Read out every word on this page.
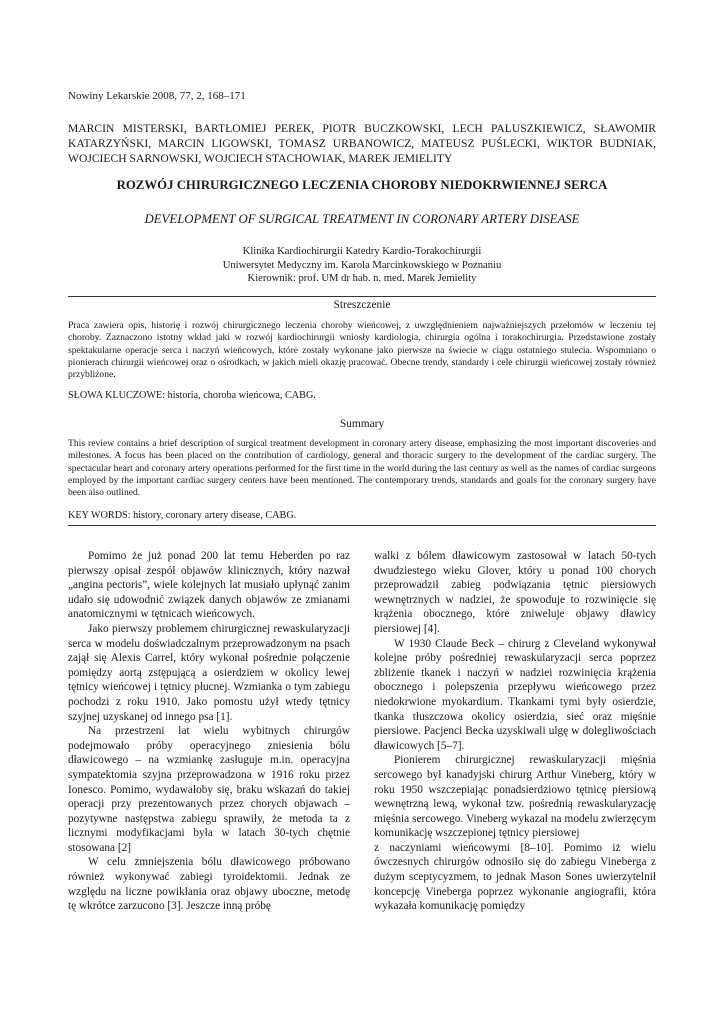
Nowiny Lekarskie 2008, 77, 2, 168–171
MARCIN MISTERSKI, BARTŁOMIEJ PEREK, PIOTR BUCZKOWSKI, LECH PALUSZKIEWICZ, SŁAWOMIR KATARZYŃSKI, MARCIN LIGOWSKI, TOMASZ URBANOWICZ, MATEUSZ PUŚLECKI, WIKTOR BUDNIAK, WOJCIECH SARNOWSKI, WOJCIECH STACHOWIAK, MAREK JEMIELITY
ROZWÓJ CHIRURGICZNEGO LECZENIA CHOROBY NIEDOKRWIENNEJ SERCA
DEVELOPMENT OF SURGICAL TREATMENT IN CORONARY ARTERY DISEASE
Klinika Kardiochirurgii Katedry Kardio-Torakochirurgii
Uniwersytet Medyczny im. Karola Marcinkowskiego w Poznaniu
Kierownik: prof. UM dr hab. n. med. Marek Jemielity
Streszczenie

Praca zawiera opis, historię i rozwój chirurgicznego leczenia choroby wieńcowej, z uwzględnieniem najważniejszych przełomów w leczeniu tej choroby. Zaznaczono istotny wkład jaki w rozwój kardiochirurgii wniosły kardiologia, chirurgia ogólna i torakochirurgia. Przedstawione zostały spektakularne operacje serca i naczyń wieńcowych, które zostały wykonane jako pierwsze na świecie w ciągu ostatniego stulecia. Wspomniano o pionierach chirurgii wieńcowej oraz o ośrodkach, w jakich mieli okazję pracować. Obecne trendy, standardy i cele chirurgii wieńcowej zostały również przybliżone.

SŁOWA KLUCZOWE: historia, choroba wieńcowa, CABG.
Summary

This review contains a brief description of surgical treatment development in coronary artery disease, emphasizing the most important discoveries and milestones. A focus has been placed on the contribution of cardiology, general and thoracic surgery to the development of the cardiac surgery. The spectacular heart and coronary artery operations performed for the first time in the world during the last century as well as the names of cardiac surgeons employed by the important cardiac surgery centers have been mentioned. The contemporary trends, standards and goals for the coronary surgery have been also outlined.

KEY WORDS: history, coronary artery disease, CABG.

Pomimo że już ponad 200 lat temu Heberden po raz pierwszy opisał zespół objawów klinicznych, który nazwał „angina pectoris”, wiele kolejnych lat musiało upłynąć zanim udało się udowodnić związek danych objawów ze zmianami anatomicznymi w tętnicach wieńcowych.

Jako pierwszy problemem chirurgicznej rewaskularyzacji serca w modelu doświadczalnym przeprowadzonym na psach zajął się Alexis Carrel, który wykonał pośrednie połączenie pomiędzy aortą zstępującą a osierdziem w okolicy lewej tętnicy wieńcowej i tętnicy płucnej. Wzmianka o tym zabiegu pochodzi z roku 1910. Jako pomostu użył wtedy tętnicy szyjnej uzyskanej od innego psa [1].

Na przestrzeni lat wielu wybitnych chirurgów podejmowało próby operacyjnego zniesienia bólu dławicowego – na wzmiankę zasługuje m.in. operacyjna sympatektomia szyjna przeprowadzona w 1916 roku przez Ionesco. Pomimo, wydawałoby się, braku wskazań do takiej operacji przy prezentowanych przez chorych objawach – pozytywne następstwa zabiegu sprawiły, że metoda ta z licznymi modyfikacjami była w latach 30-tych chętnie stosowana [2]

W celu zmniejszenia bólu dławicowego próbowano również wykonywać zabiegi tyroidektomii. Jednak ze względu na liczne powikłania oraz objawy uboczne, metodę tę wkrótce zarzucono [3]. Jeszcze inną próbę

walki z bólem dławicowym zastosował w latach 50-tych dwudziestego wieku Glover, który u ponad 100 chorych przeprowadził zabieg podwiązania tętnic piersiowych wewnętrznych w nadziei, że spowoduje to rozwinięcie się krążenia obocznego, które zniweluje objawy dławicy piersiowej [4].

W 1930 Claude Beck – chirurg z Cleveland wykonywał kolejne próby pośredniej rewaskularyzacji serca poprzez zbliżenie tkanek i naczyń w nadziei rozwinięcia krążenia obocznego i polepszenia przepływu wieńcowego przez niedokrwione myokardium. Tkankami tymi były osierdzie, tkanka tłuszczowa okolicy osierdzia, sieć oraz mięśnie piersiowe. Pacjenci Becka uzyskiwali ulgę w dolegliwościach dławicowych [5–7].

Pionierem chirurgicznej rewaskularyzacji mięśnia sercowego był kanadyjski chirurg Arthur Vineberg, który w roku 1950 wszczepiając ponadsierdziowo tętnicę piersiową wewnętrzną lewą, wykonał tzw. pośrednią rewaskularyzację mięśnia sercowego. Vineberg wykazał na modelu zwierzęcym komunikację wszczepionej tętnicy piersiowej

z naczyniami wieńcowymi [8–10]. Pomimo iż wielu ówczesnych chirurgów odnosiło się do zabiegu Vineberga z dużym sceptycyzmem, to jednak Mason Sones uwierzytelnił koncepcję Vineberga poprzez wykonanie angiografii, która wykazała komunikację pomiędzy
